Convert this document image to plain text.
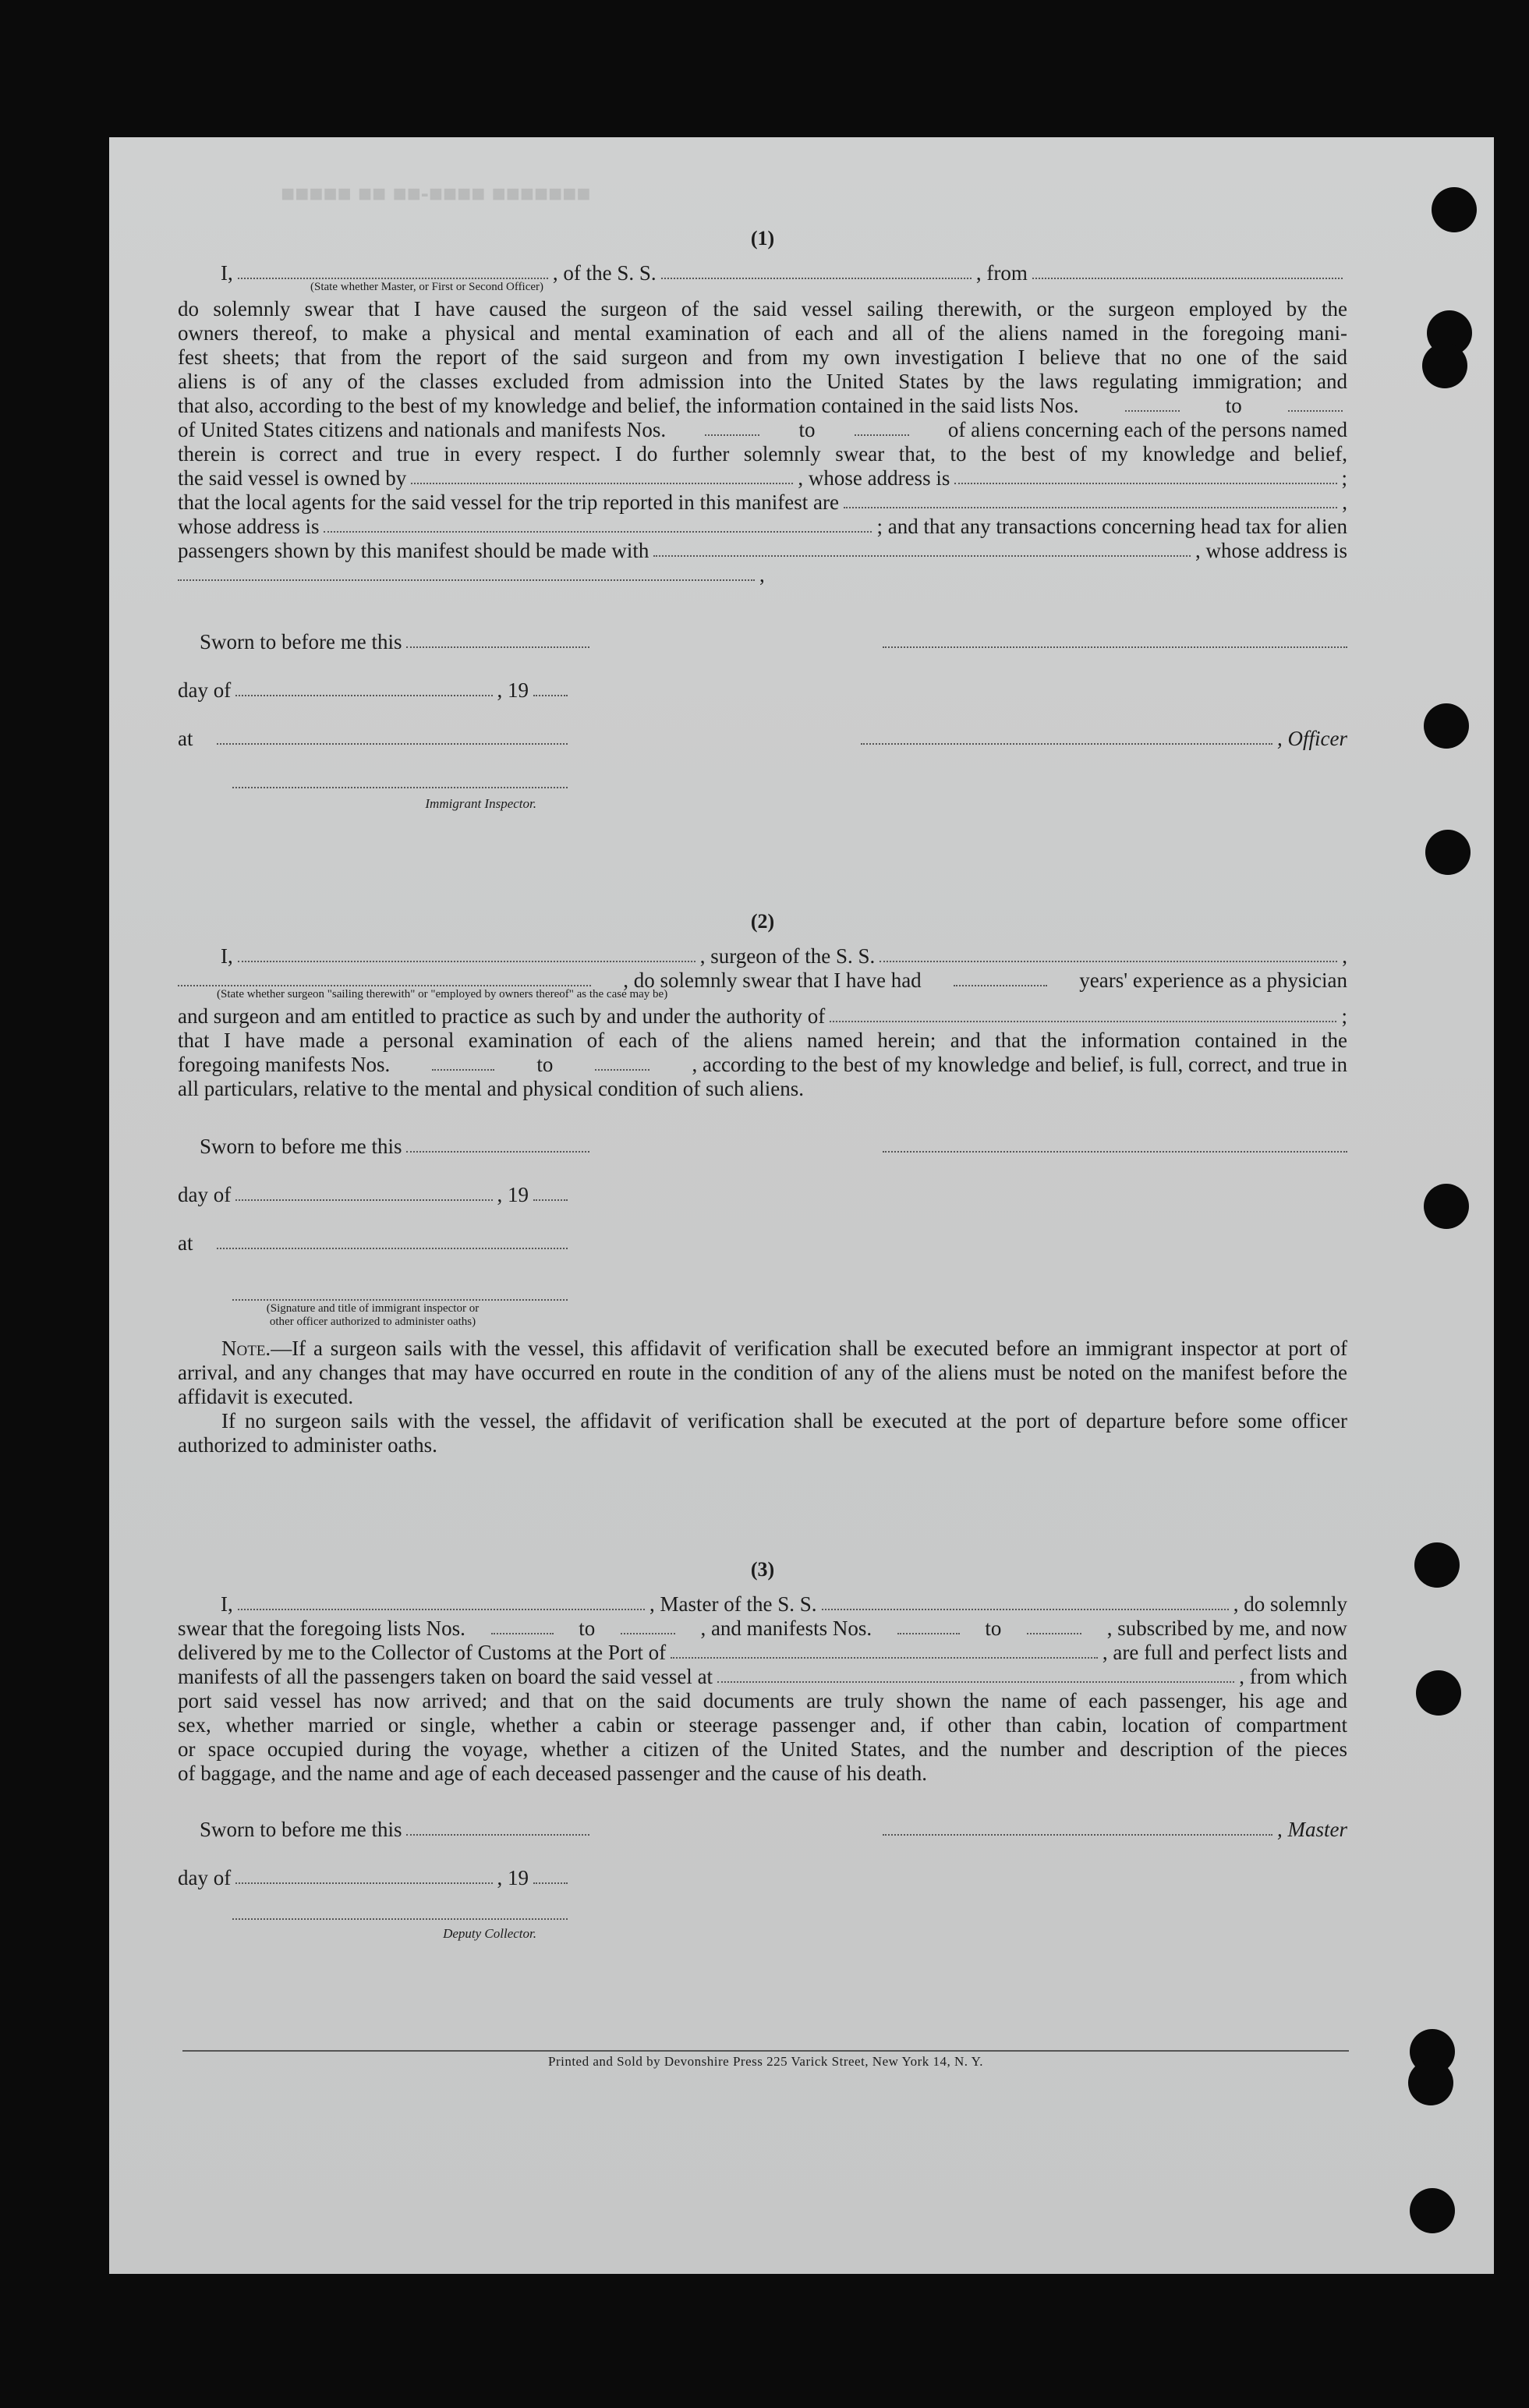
■■■■■ ■■ ■■-■■■■ ■■■■■■■
(1)
I,	, of the S. S.	, from
(State whether Master, or First or Second Officer)
do solemnly swear that I have caused the surgeon of the said vessel sailing therewith, or the surgeon employed by the
owners thereof, to make a physical and mental examination of each and all of the aliens named in the foregoing mani-
fest sheets; that from the report of the said surgeon and from my own investigation I believe that no one of the said
aliens is of any of the classes excluded from admission into the United States by the laws regulating immigration; and
that also, according to the best of my knowledge and belief, the information contained in the said lists Nos.	to
of United States citizens and nationals and manifests Nos.	to	of aliens concerning each of the persons named
therein is correct and true in every respect. I do further solemnly swear that, to the best of my knowledge and belief,
the said vessel is owned by	, whose address is	;
that the local agents for the said vessel for the trip reported in this manifest are	,
whose address is	; and that any transactions concerning head tax for alien
passengers shown by this manifest should be made with	, whose address is
,
Sworn to before me this
day of	, 19
at	, Officer
Immigrant Inspector.
(2)
I,	, surgeon of the S. S.	,
, do solemnly swear that I have had	years' experience as a physician
(State whether surgeon "sailing therewith" or "employed by owners thereof" as the case may be)
and surgeon and am entitled to practice as such by and under the authority of	;
that I have made a personal examination of each of the aliens named herein; and that the information contained in the
foregoing manifests Nos.	to	, according to the best of my knowledge and belief, is full, correct, and true in
all particulars, relative to the mental and physical condition of such aliens.
Sworn to before me this
day of	, 19
at
(Signature and title of immigrant inspector or
other officer authorized to administer oaths)
Note.—If a surgeon sails with the vessel, this affidavit of verification shall be executed before an immigrant inspector at port of arrival, and any changes that may have occurred en route in the condition of any of the aliens must be noted on the manifest before the affidavit is executed.
If no surgeon sails with the vessel, the affidavit of verification shall be executed at the port of departure before some officer authorized to administer oaths.
(3)
I,	, Master of the S. S.	, do solemnly
swear that the foregoing lists Nos.	to	, and manifests Nos.	to	, subscribed by me, and now
delivered by me to the Collector of Customs at the Port of	, are full and perfect lists and
manifests of all the passengers taken on board the said vessel at	, from which
port said vessel has now arrived; and that on the said documents are truly shown the name of each passenger, his age and
sex, whether married or single, whether a cabin or steerage passenger and, if other than cabin, location of compartment
or space occupied during the voyage, whether a citizen of the United States, and the number and description of the pieces
of baggage, and the name and age of each deceased passenger and the cause of his death.
Sworn to before me this	, Master
day of	, 19
Deputy Collector.
Printed and Sold by Devonshire Press 225 Varick Street, New York 14, N. Y.
